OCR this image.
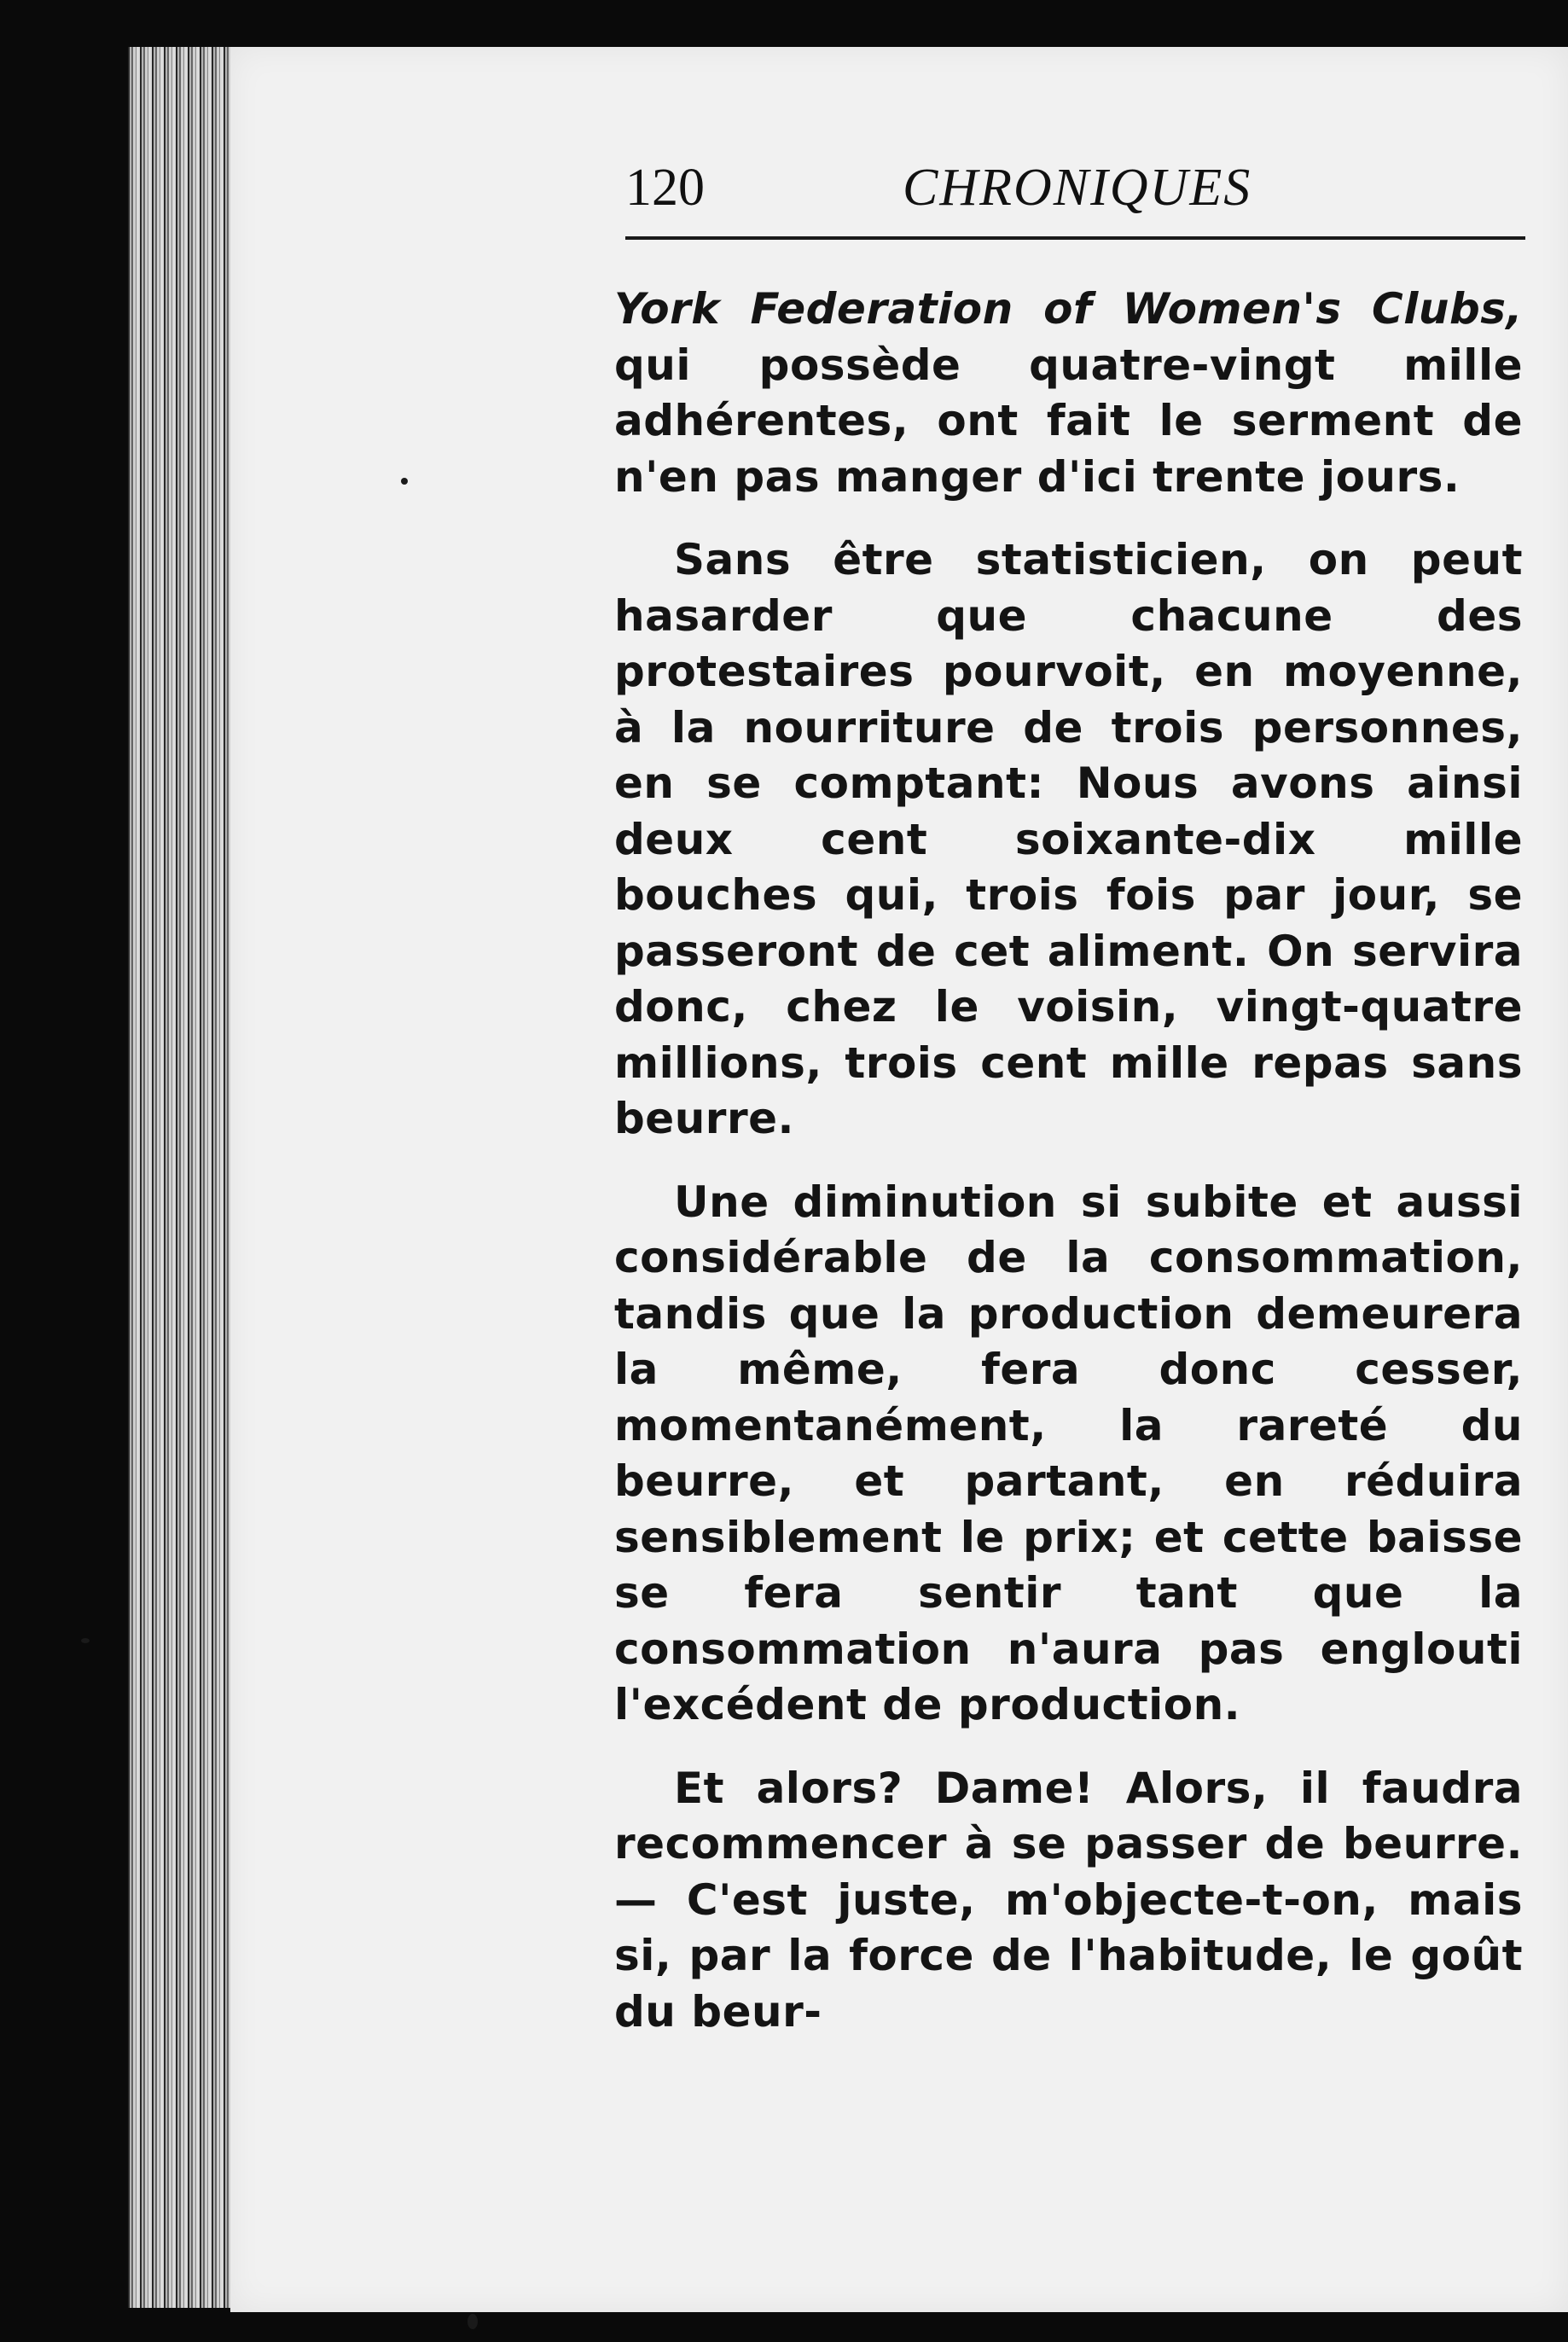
120	CHRONIQUES

York Federation of Women's Clubs, qui possède quatre-vingt mille adhérentes, ont fait le serment de n'en pas manger d'ici trente jours.

Sans être statisticien, on peut hasarder que chacune des protestaires pourvoit, en moyenne, à la nourriture de trois personnes, en se comptant: Nous avons ainsi deux cent soixante-dix mille bouches qui, trois fois par jour, se passeront de cet aliment. On servira donc, chez le voisin, vingt-quatre millions, trois cent mille repas sans beurre.

Une diminution si subite et aussi considérable de la consommation, tandis que la production demeurera la même, fera donc cesser, momentanément, la rareté du beurre, et partant, en réduira sensiblement le prix; et cette baisse se fera sentir tant que la consommation n'aura pas englouti l'excédent de production.

Et alors? Dame! Alors, il faudra recommencer à se passer de beurre.— C'est juste, m'objecte-t-on, mais si, par la force de l'habitude, le goût du beur-
